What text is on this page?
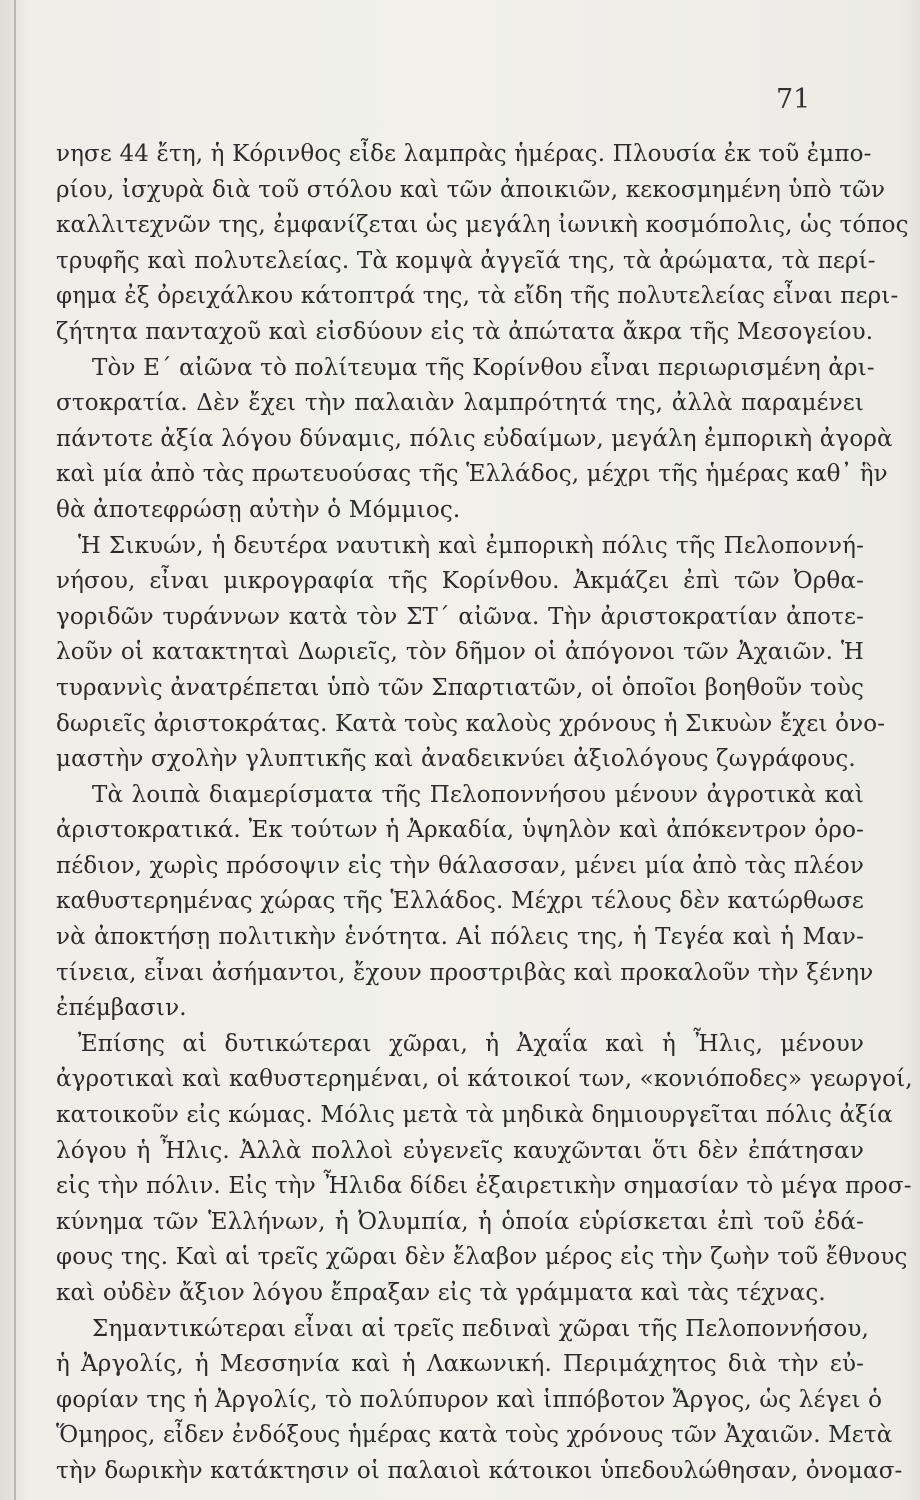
71
νησε 44 ἔτη, ἡ Κόρινθος εἶδε λαμπρὰς ἡμέρας. Πλουσία ἐκ τοῦ ἐμπο-
ρίου, ἰσχυρὰ διὰ τοῦ στόλου καὶ τῶν ἀποικιῶν, κεκοσμημένη ὑπὸ τῶν
καλλιτεχνῶν της, ἐμφανίζεται ὡς μεγάλη ἰωνικὴ κοσμόπολις, ὡς τόπος
τρυφῆς καὶ πολυτελείας. Τὰ κομψὰ ἀγγεῖά της, τὰ ἀρώματα, τὰ περί-
φημα ἐξ ὀρειχάλκου κάτοπτρά της, τὰ εἴδη τῆς πολυτελείας εἶναι περι-
ζήτητα πανταχοῦ καὶ εἰσδύουν εἰς τὰ ἀπώτατα ἄκρα τῆς Μεσογείου.
Τὸν Ε΄ αἰῶνα τὸ πολίτευμα τῆς Κορίνθου εἶναι περιωρισμένη ἀρι-
στοκρατία. Δὲν ἔχει τὴν παλαιὰν λαμπρότητά της, ἀλλὰ παραμένει
πάντοτε ἀξία λόγου δύναμις, πόλις εὐδαίμων, μεγάλη ἐμπορικὴ ἀγορὰ
καὶ μία ἀπὸ τὰς πρωτευούσας τῆς Ἑλλάδος, μέχρι τῆς ἡμέρας καθ᾽ ἣν
θὰ ἀποτεφρώσῃ αὐτὴν ὁ Μόμμιος.
Ἡ Σικυών, ἡ δευτέρα ναυτικὴ καὶ ἐμπορικὴ πόλις τῆς Πελοποννή-
νήσου, εἶναι μικρογραφία τῆς Κορίνθου. Ἀκμάζει ἐπὶ τῶν Ὀρθα-
γοριδῶν τυράννων κατὰ τὸν ΣΤ΄ αἰῶνα. Τὴν ἀριστοκρατίαν ἀποτε-
λοῦν οἱ κατακτηταὶ Δωριεῖς, τὸν δῆμον οἱ ἀπόγονοι τῶν Ἀχαιῶν. Ἡ
τυραννὶς ἀνατρέπεται ὑπὸ τῶν Σπαρτιατῶν, οἱ ὁποῖοι βοηθοῦν τοὺς
δωριεῖς ἀριστοκράτας. Κατὰ τοὺς καλοὺς χρόνους ἡ Σικυὼν ἔχει ὀνο-
μαστὴν σχολὴν γλυπτικῆς καὶ ἀναδεικνύει ἀξιολόγους ζωγράφους.
Τὰ λοιπὰ διαμερίσματα τῆς Πελοποννήσου μένουν ἀγροτικὰ καὶ
ἀριστοκρατικά. Ἐκ τούτων ἡ Ἀρκαδία, ὑψηλὸν καὶ ἀπόκεντρον ὀρο-
πέδιον, χωρὶς πρόσοψιν εἰς τὴν θάλασσαν, μένει μία ἀπὸ τὰς πλέον
καθυστερημένας χώρας τῆς Ἑλλάδος. Μέχρι τέλους δὲν κατώρθωσε
νὰ ἀποκτήσῃ πολιτικὴν ἑνότητα. Αἱ πόλεις της, ἡ Τεγέα καὶ ἡ Μαν-
τίνεια, εἶναι ἀσήμαντοι, ἔχουν προστριβὰς καὶ προκαλοῦν τὴν ξένην
ἐπέμβασιν.
Ἐπίσης αἱ δυτικώτεραι χῶραι, ἡ Ἀχαΐα καὶ ἡ Ἦλις, μένουν
ἀγροτικαὶ καὶ καθυστερημέναι, οἱ κάτοικοί των, «κονιόποδες» γεωργοί,
κατοικοῦν εἰς κώμας. Μόλις μετὰ τὰ μηδικὰ δημιουργεῖται πόλις ἀξία
λόγου ἡ Ἦλις. Ἀλλὰ πολλοὶ εὐγενεῖς καυχῶνται ὅτι δὲν ἐπάτησαν
εἰς τὴν πόλιν. Εἰς τὴν Ἦλιδα δίδει ἐξαιρετικὴν σημασίαν τὸ μέγα προσ-
κύνημα τῶν Ἑλλήνων, ἡ Ὀλυμπία, ἡ ὁποία εὑρίσκεται ἐπὶ τοῦ ἐδά-
φους της. Καὶ αἱ τρεῖς χῶραι δὲν ἔλαβον μέρος εἰς τὴν ζωὴν τοῦ ἔθνους
καὶ οὐδὲν ἄξιον λόγου ἔπραξαν εἰς τὰ γράμματα καὶ τὰς τέχνας.
Σημαντικώτεραι εἶναι αἱ τρεῖς πεδιναὶ χῶραι τῆς Πελοποννήσου,
ἡ Ἀργολίς, ἡ Μεσσηνία καὶ ἡ Λακωνική. Περιμάχητος διὰ τὴν εὐ-
φορίαν της ἡ Ἀργολίς, τὸ πολύπυρον καὶ ἱππόβοτον Ἄργος, ὡς λέγει ὁ
Ὅμηρος, εἶδεν ἐνδόξους ἡμέρας κατὰ τοὺς χρόνους τῶν Ἀχαιῶν. Μετὰ
τὴν δωρικὴν κατάκτησιν οἱ παλαιοὶ κάτοικοι ὑπεδουλώθησαν, ὀνομασ-
